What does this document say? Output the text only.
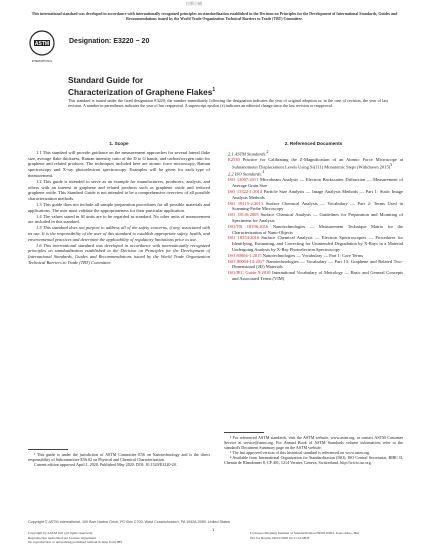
拉斯小铺
This international standard was developed in accordance with internationally recognized principles on standardization established in the Decision on Principles for the Development of International Standards, Guides and Recommendations issued by the World Trade Organization Technical Barriers to Trade (TBT) Committee.
ASTM
INTERNATIONAL
Designation: E3220 − 20
Standard Guide for
Characterization of Graphene Flakes$^1$
This standard is issued under the fixed designation E3220; the number immediately following the designation indicates the year of original adoption or, in the case of revision, the year of last revision. A number in parentheses indicates the year of last reapproval. A superscript epsilon (ε) indicates an editorial change since the last revision or reapproval.
1. Scope

1.1 This standard will provide guidance on the measurement approaches for several lateral flake size, average flake thickness, Raman intensity ratio of the D to G bands, and carbon/oxygen ratio for graphene and related products. The techniques included here are atomic force microscopy, Raman spectroscopy and X-ray photoelectron spectroscopy. Examples will be given for each type of measurement.

1.2 This guide is intended to serve as an example for manufacturers, producers, analysts, and others with an interest in graphene and related products such as graphene oxide and reduced graphene oxide. This Standard Guide is not intended to be a comprehensive overview of all possible characterization methods.

1.3 This guide does not include all sample preparation procedures for all possible materials and applications. The user must validate the appropriateness for their particular application.

1.4 The values stated in SI units are to be regarded as standard. No other units of measurement are included in this standard.

1.5 This standard does not purport to address all of the safety concerns, if any, associated with its use. It is the responsibility of the user of this standard to establish appropriate safety, health, and environmental practices and determine the applicability of regulatory limitations prior to use.

1.6 This international standard was developed in accordance with internationally recognized principles on standardization established in the Decision on Principles for the Development of International Standards, Guides and Recommendations issued by the World Trade Organization Technical Barriers to Trade (TBT) Committee.

¹ This guide is under the jurisdiction of ASTM Committee E56 on Nanotechnology and is the direct responsibility of Subcommittee E56.02 on Physical and Chemical Characterization.

Current edition approved April 1, 2020. Published May 2020. DOI: 10.1520/E3220-20.

2. Referenced Documents
2.1 ASTM Standards:$^2$
E2530 Practice for Calibrating the Z-Magnification of an Atomic Force Microscope at Subnanometer Displacement Levels Using Si(111) Monatomic Steps (Withdrawn 2015)$^3$
2.2 ISO Standards:$^4$
ISO 13067:2011 Microbeam Analysis — Electron Backscatter Diffraction — Measurement of Average Grain Size
ISO 13322-1:2014 Particle Size Analysis — Image Analysis Methods — Part 1: Static Image Analysis Methods
ISO 18115-2:2013 Surface Chemical Analysis — Vocabulary — Part 2: Terms Used in Scanning-Probe Microscopy
ISO 18116:2005 Surface Chemical Analysis — Guidelines for Preparation and Mounting of Specimens for Analysis
ISO/TR 18196:2016 Nanotechnologies — Measurement Technique Matrix for the Characterization of Nano-Objects
ISO 18554:2016 Surface Chemical Analysis — Electron Spectroscopies — Procedures for Identifying, Estimating, and Correcting for Unintended Degradation by X-Rays in a Material Undergoing Analysis by X-Ray Photoelectron Spectroscopy
ISO 80004-1:2015 Nanotechnologies — Vocabulary — Part 1: Core Terms
ISO 80004-13:2017 Nanotechnologies — Vocabulary — Part 13: Graphene and Related Two-Dimensional (2D) Materials
ISO/IEC Guide 9:2010 International Vocabulary of Metrology — Basic and General Concepts and Associated Terms (VIM)

² For referenced ASTM standards, visit the ASTM website, www.astm.org, or contact ASTM Customer Service at service@astm.org. For Annual Book of ASTM Standards volume information, refer to the standard's Document Summary page on the ASTM website.

³ The last approved version of this historical standard is referenced on www.astm.org.

⁴ Available from International Organization for Standardization (ISO), ISO Central Secretariat, BIBC II, Chemin de Blandonnet 8, CP 401, 1214 Vernier, Geneva, Switzerland, http://www.iso.org.

Copyright © ASTM International, 100 Barr Harbor Drive, PO Box C700, West Conshohocken, PA 19428-2959. United States
1
Copyright by ASTM Int'l (all rights reserved);
Reproduction authorized per License Agreement
No reproduction or networking permitted without license from IHS
Licensee=Zhejiang Institute of Standardization/5958110001, User=Zhao, Hui
Not for Resale, 06/01/2020 02:11:14 MDT
